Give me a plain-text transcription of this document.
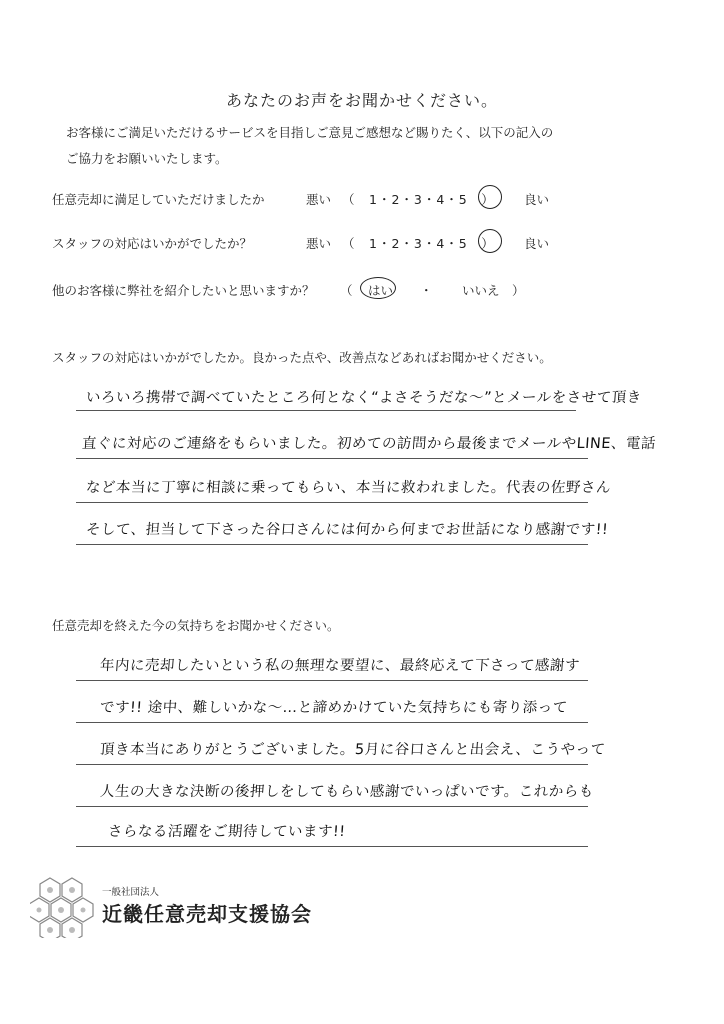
あなたのお声をお聞かせください。
お客様にご満足いただけるサービスを目指しご意見ご感想など賜りたく、以下の記入の
ご協力をお願いいたします。
任意売却に満足していただけましたか	悪い （　1・2・3・4・5　） 良い
スタッフの対応はいかがでしたか？	悪い （　1・2・3・4・5　） 良い
他のお客様に弊社を紹介したいと思いますか？ （ はい ・ いいえ ）
スタッフの対応はいかがでしたか。良かった点や、改善点などあればお聞かせください。
いろいろ携帯で調べていたところ何となく“よさそうだな～”とメールをさせて頂き
直ぐに対応のご連絡をもらいました。初めての訪問から最後までメールやLINE、電話
など本当に丁寧に相談に乗ってもらい、本当に救われました。代表の佐野さん
そして、担当して下さった谷口さんには何から何までお世話になり感謝です!!
任意売却を終えた今の気持ちをお聞かせください。
年内に売却したいという私の無理な要望に、最終応えて下さって感謝す
です!! 途中、難しいかな～…と諦めかけていた気持ちにも寄り添って
頂き本当にありがとうございました。5月に谷口さんと出会え、こうやって
人生の大きな決断の後押しをしてもらい感謝でいっぱいです。これからも
さらなる活躍をご期待しています!!
一般社団法人
近畿任意売却支援協会
